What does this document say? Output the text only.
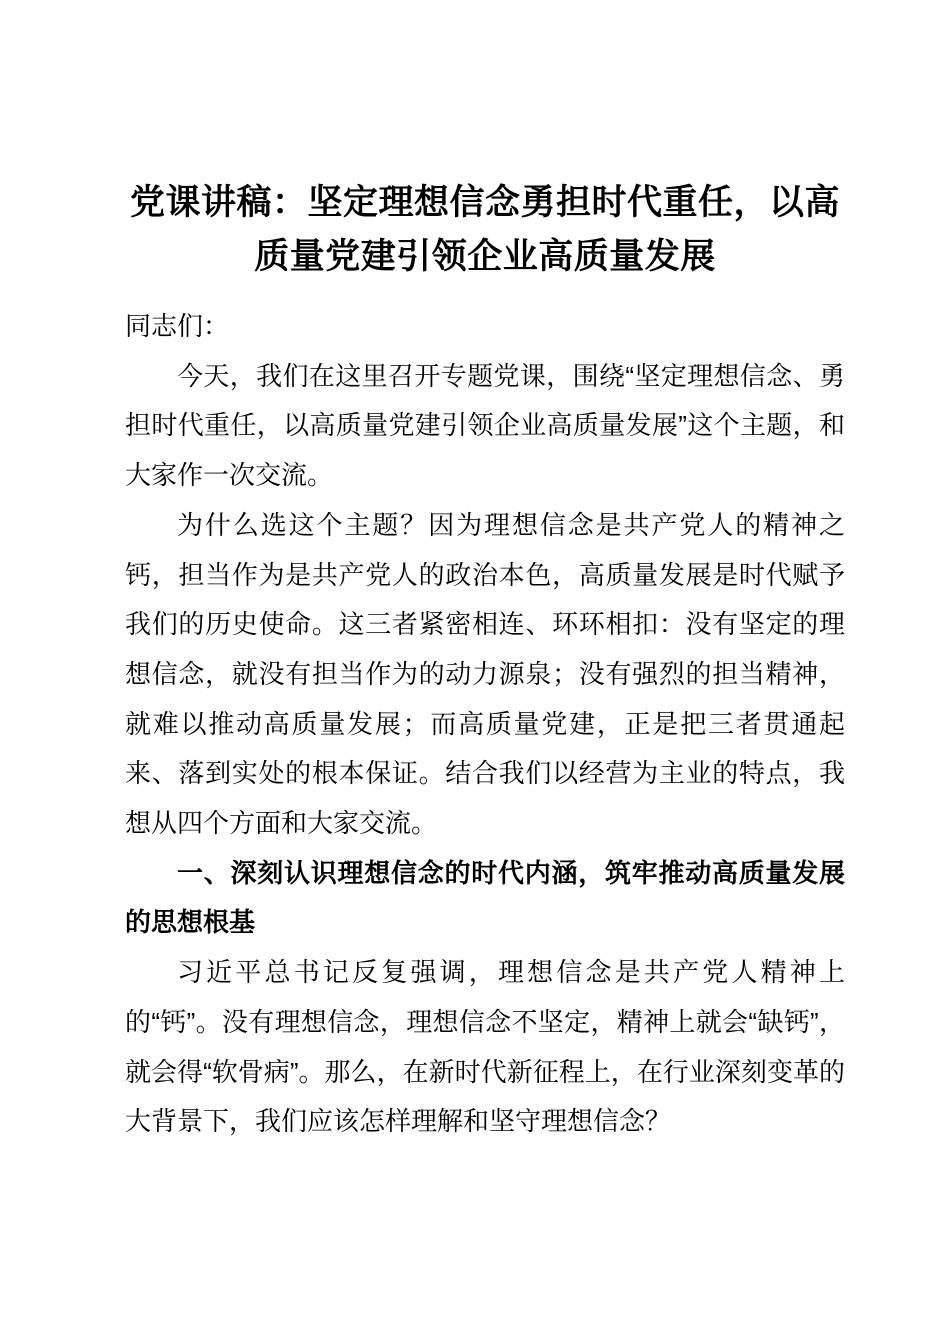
党课讲稿：坚定理想信念勇担时代重任，以高质量党建引领企业高质量发展

同志们：

今天，我们在这里召开专题党课，围绕“坚定理想信念、勇担时代重任，以高质量党建引领企业高质量发展”这个主题，和大家作一次交流。

为什么选这个主题？因为理想信念是共产党人的精神之钙，担当作为是共产党人的政治本色，高质量发展是时代赋予我们的历史使命。这三者紧密相连、环环相扣：没有坚定的理想信念，就没有担当作为的动力源泉；没有强烈的担当精神，就难以推动高质量发展；而高质量党建，正是把三者贯通起来、落到实处的根本保证。结合我们以经营为主业的特点，我想从四个方面和大家交流。

一、深刻认识理想信念的时代内涵，筑牢推动高质量发展的思想根基

习近平总书记反复强调，理想信念是共产党人精神上的“钙”。没有理想信念，理想信念不坚定，精神上就会“缺钙”，就会得“软骨病”。那么，在新时代新征程上，在行业深刻变革的大背景下，我们应该怎样理解和坚守理想信念？
